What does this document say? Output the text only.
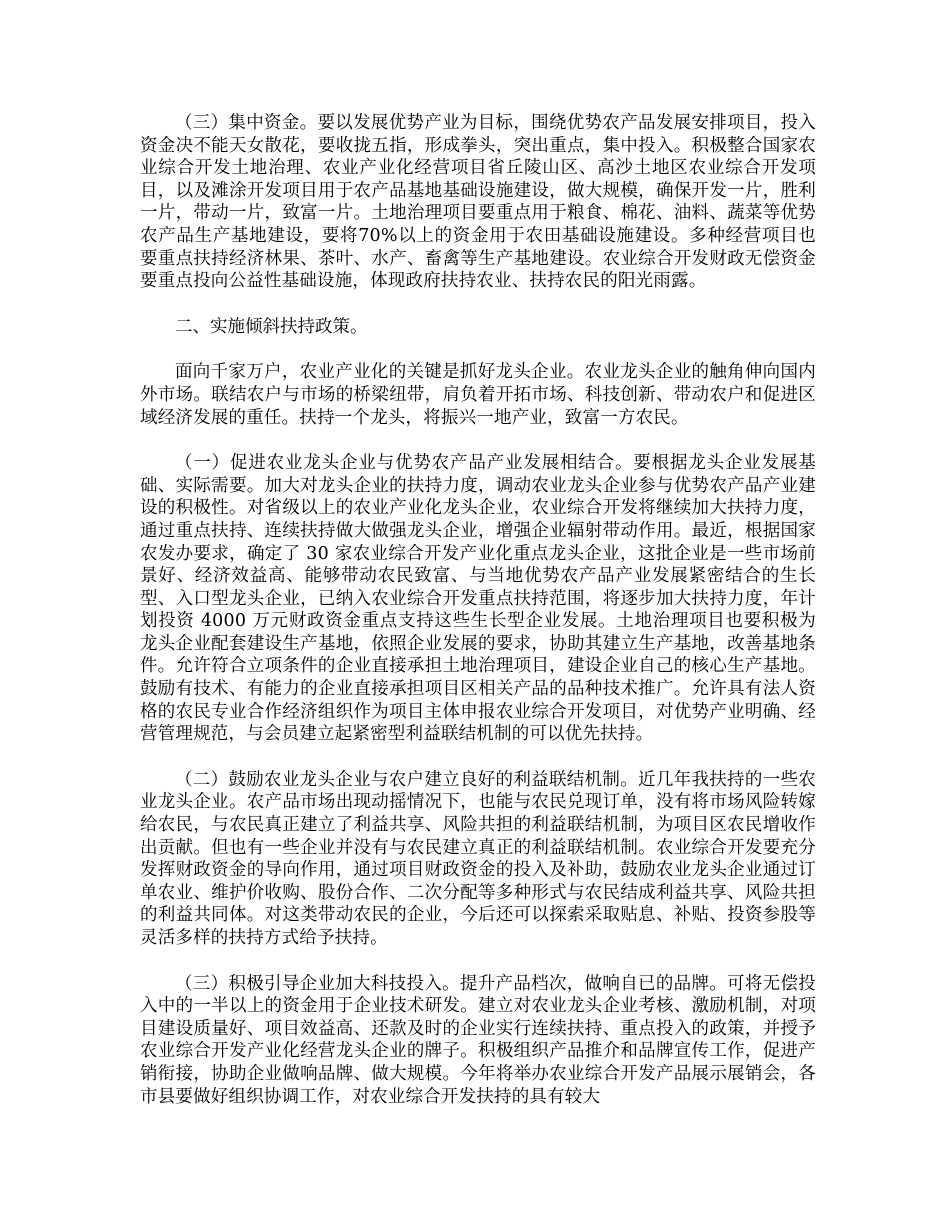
（三）集中资金。要以发展优势产业为目标，围绕优势农产品发展安排项目，投入资金决不能天女散花，要收拢五指，形成拳头，突出重点，集中投入。积极整合国家农业综合开发土地治理、农业产业化经营项目省丘陵山区、高沙土地区农业综合开发项目，以及滩涂开发项目用于农产品基地基础设施建设，做大规模，确保开发一片，胜利一片，带动一片，致富一片。土地治理项目要重点用于粮食、棉花、油料、蔬菜等优势农产品生产基地建设，要将70%以上的资金用于农田基础设施建设。多种经营项目也要重点扶持经济林果、茶叶、水产、畜禽等生产基地建设。农业综合开发财政无偿资金要重点投向公益性基础设施，体现政府扶持农业、扶持农民的阳光雨露。

二、实施倾斜扶持政策。

面向千家万户，农业产业化的关键是抓好龙头企业。农业龙头企业的触角伸向国内外市场。联结农户与市场的桥梁纽带，肩负着开拓市场、科技创新、带动农户和促进区域经济发展的重任。扶持一个龙头，将振兴一地产业，致富一方农民。

（一）促进农业龙头企业与优势农产品产业发展相结合。要根据龙头企业发展基础、实际需要。加大对龙头企业的扶持力度，调动农业龙头企业参与优势农产品产业建设的积极性。对省级以上的农业产业化龙头企业，农业综合开发将继续加大扶持力度，通过重点扶持、连续扶持做大做强龙头企业，增强企业辐射带动作用。最近，根据国家农发办要求，确定了 30 家农业综合开发产业化重点龙头企业，这批企业是一些市场前景好、经济效益高、能够带动农民致富、与当地优势农产品产业发展紧密结合的生长型、入口型龙头企业，已纳入农业综合开发重点扶持范围，将逐步加大扶持力度，年计划投资 4000 万元财政资金重点支持这些生长型企业发展。土地治理项目也要积极为龙头企业配套建设生产基地，依照企业发展的要求，协助其建立生产基地，改善基地条件。允许符合立项条件的企业直接承担土地治理项目，建设企业自己的核心生产基地。鼓励有技术、有能力的企业直接承担项目区相关产品的品种技术推广。允许具有法人资格的农民专业合作经济组织作为项目主体申报农业综合开发项目，对优势产业明确、经营管理规范，与会员建立起紧密型利益联结机制的可以优先扶持。

（二）鼓励农业龙头企业与农户建立良好的利益联结机制。近几年我扶持的一些农业龙头企业。农产品市场出现动摇情况下，也能与农民兑现订单，没有将市场风险转嫁给农民，与农民真正建立了利益共享、风险共担的利益联结机制，为项目区农民增收作出贡献。但也有一些企业并没有与农民建立真正的利益联结机制。农业综合开发要充分发挥财政资金的导向作用，通过项目财政资金的投入及补助，鼓励农业龙头企业通过订单农业、维护价收购、股份合作、二次分配等多种形式与农民结成利益共享、风险共担的利益共同体。对这类带动农民的企业，今后还可以探索采取贴息、补贴、投资参股等灵活多样的扶持方式给予扶持。

（三）积极引导企业加大科技投入。提升产品档次，做响自已的品牌。可将无偿投入中的一半以上的资金用于企业技术研发。建立对农业龙头企业考核、激励机制，对项目建设质量好、项目效益高、还款及时的企业实行连续扶持、重点投入的政策，并授予农业综合开发产业化经营龙头企业的牌子。积极组织产品推介和品牌宣传工作，促进产销衔接，协助企业做响品牌、做大规模。今年将举办农业综合开发产品展示展销会，各市县要做好组织协调工作，对农业综合开发扶持的具有较大
